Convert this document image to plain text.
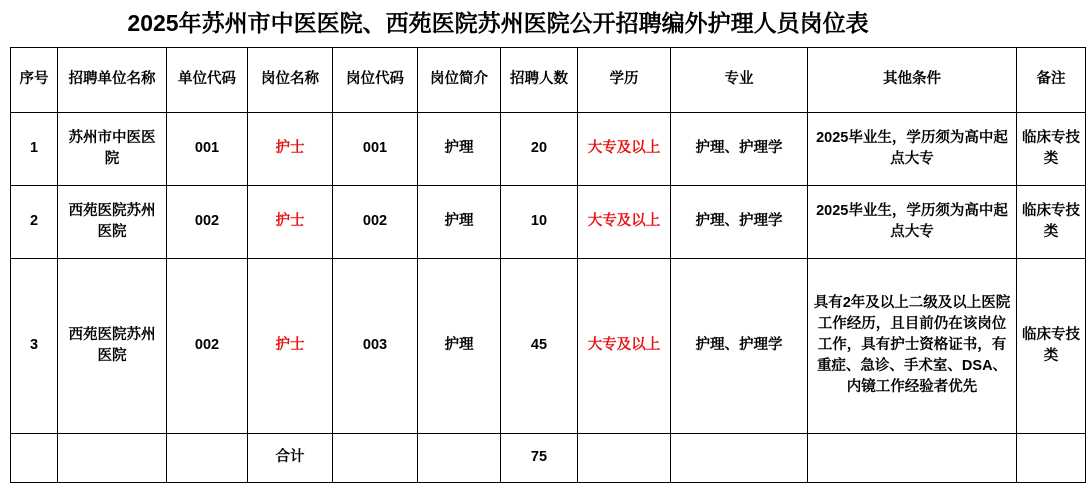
2025年苏州市中医医院、西苑医院苏州医院公开招聘编外护理人员岗位表
序号	招聘单位名称	单位代码	岗位名称	岗位代码	岗位简介	招聘人数	学历	专业	其他条件	备注
1	苏州市中医医院	001	护士	001	护理	20	大专及以上	护理、护理学	2025毕业生，学历须为高中起点大专	临床专技类
2	西苑医院苏州医院	002	护士	002	护理	10	大专及以上	护理、护理学	2025毕业生，学历须为高中起点大专	临床专技类
3	西苑医院苏州医院	002	护士	003	护理	45	大专及以上	护理、护理学	具有2年及以上二级及以上医院工作经历，且目前仍在该岗位工作，具有护士资格证书，有重症、急诊、手术室、DSA、内镜工作经验者优先	临床专技类
			合计			75				
